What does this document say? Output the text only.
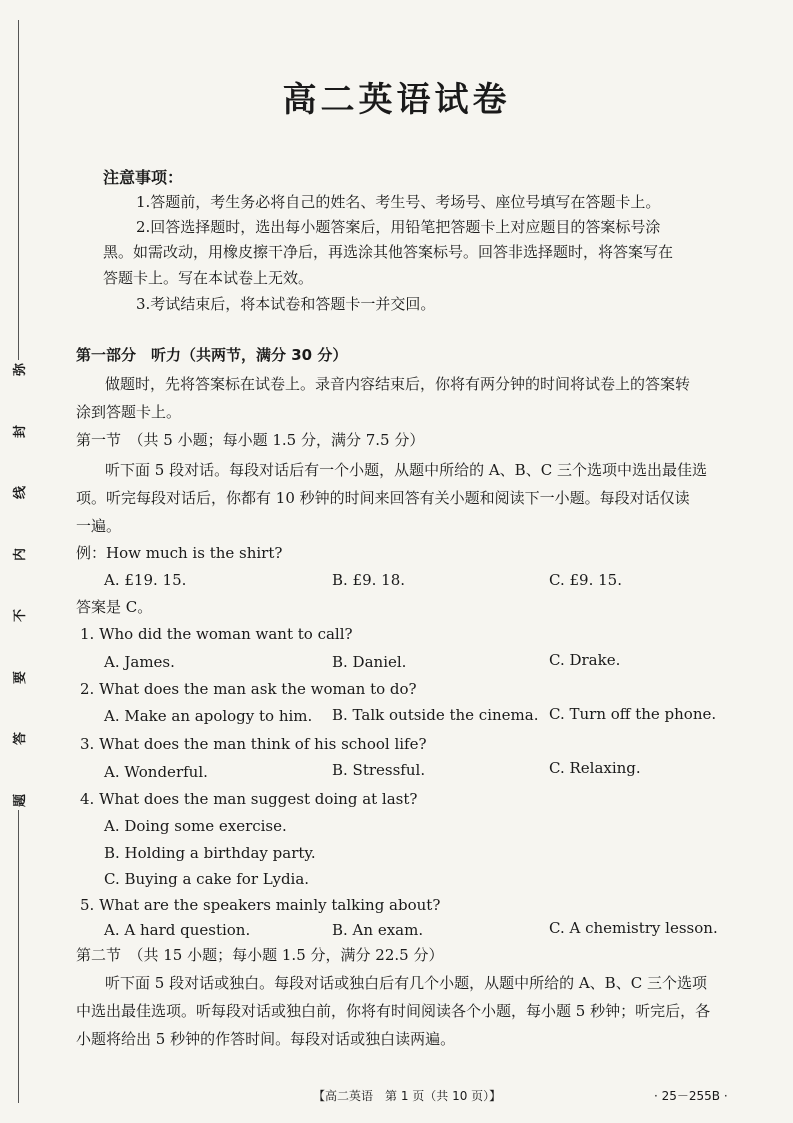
弥
封
线
内
不
要
答
题
高二英语试卷
注意事项：
1.答题前，考生务必将自己的姓名、考生号、考场号、座位号填写在答题卡上。
2.回答选择题时，选出每小题答案后，用铅笔把答题卡上对应题目的答案标号涂
黑。如需改动，用橡皮擦干净后，再选涂其他答案标号。回答非选择题时，将答案写在
答题卡上。写在本试卷上无效。
3.考试结束后，将本试卷和答题卡一并交回。
第一部分　听力（共两节，满分 30 分）
做题时，先将答案标在试卷上。录音内容结束后，你将有两分钟的时间将试卷上的答案转
涂到答题卡上。
第一节　（共 5 小题；每小题 1.5 分，满分 7.5 分）
听下面 5 段对话。每段对话后有一个小题，从题中所给的 A、B、C 三个选项中选出最佳选
项。听完每段对话后，你都有 10 秒钟的时间来回答有关小题和阅读下一小题。每段对话仅读
一遍。
例：How much is the shirt?
A. £19. 15.	B. £9. 18.	C. £9. 15.
答案是 C。
1. Who did the woman want to call?
A. James.	B. Daniel.	C. Drake.
2. What does the man ask the woman to do?
A. Make an apology to him. B. Talk outside the cinema. C. Turn off the phone.
3. What does the man think of his school life?
A. Wonderful.	B. Stressful.	C. Relaxing.
4. What does the man suggest doing at last?
A. Doing some exercise.
B. Holding a birthday party.
C. Buying a cake for Lydia.
5. What are the speakers mainly talking about?
A. A hard question.	B. An exam.	C. A chemistry lesson.
第二节　（共 15 小题；每小题 1.5 分，满分 22.5 分）
听下面 5 段对话或独白。每段对话或独白后有几个小题，从题中所给的 A、B、C 三个选项
中选出最佳选项。听每段对话或独白前，你将有时间阅读各个小题，每小题 5 秒钟；听完后，各
小题将给出 5 秒钟的作答时间。每段对话或独白读两遍。
【高二英语　第 1 页（共 10 页）】	· 25－255B ·
